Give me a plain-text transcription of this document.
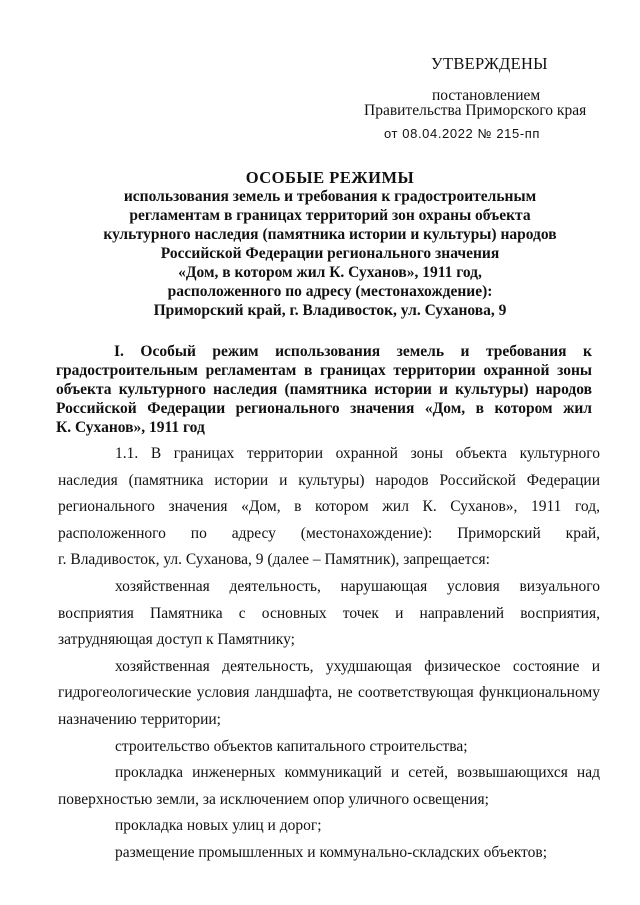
УТВЕРЖДЕНЫ
постановлением
Правительства Приморского края
от 08.04.2022 № 215-пп
ОСОБЫЕ РЕЖИМЫ
использования земель и требования к градостроительным
регламентам в границах территорий зон охраны объекта
культурного наследия (памятника истории и культуры) народов
Российской Федерации регионального значения
«Дом, в котором жил К. Суханов», 1911 год,
расположенного по адресу (местонахождение):
Приморский край, г. Владивосток, ул. Суханова, 9
I. Особый режим использования земель и требования к
градостроительным регламентам в границах территории охранной зоны
объекта культурного наследия (памятника истории и культуры) народов
Российской Федерации регионального значения «Дом, в котором жил
К. Суханов», 1911 год
1.1. В границах территории охранной зоны объекта культурного
наследия (памятника истории и культуры) народов Российской Федерации
регионального значения «Дом, в котором жил К. Суханов», 1911 год,
расположенного по адресу (местонахождение): Приморский край,
г. Владивосток, ул. Суханова, 9 (далее – Памятник), запрещается:
хозяйственная деятельность, нарушающая условия визуального
восприятия Памятника с основных точек и направлений восприятия,
затрудняющая доступ к Памятнику;
хозяйственная деятельность, ухудшающая физическое состояние и
гидрогеологические условия ландшафта, не соответствующая функциональному
назначению территории;
строительство объектов капитального строительства;
прокладка инженерных коммуникаций и сетей, возвышающихся над
поверхностью земли, за исключением опор уличного освещения;
прокладка новых улиц и дорог;
размещение промышленных и коммунально-складских объектов;
